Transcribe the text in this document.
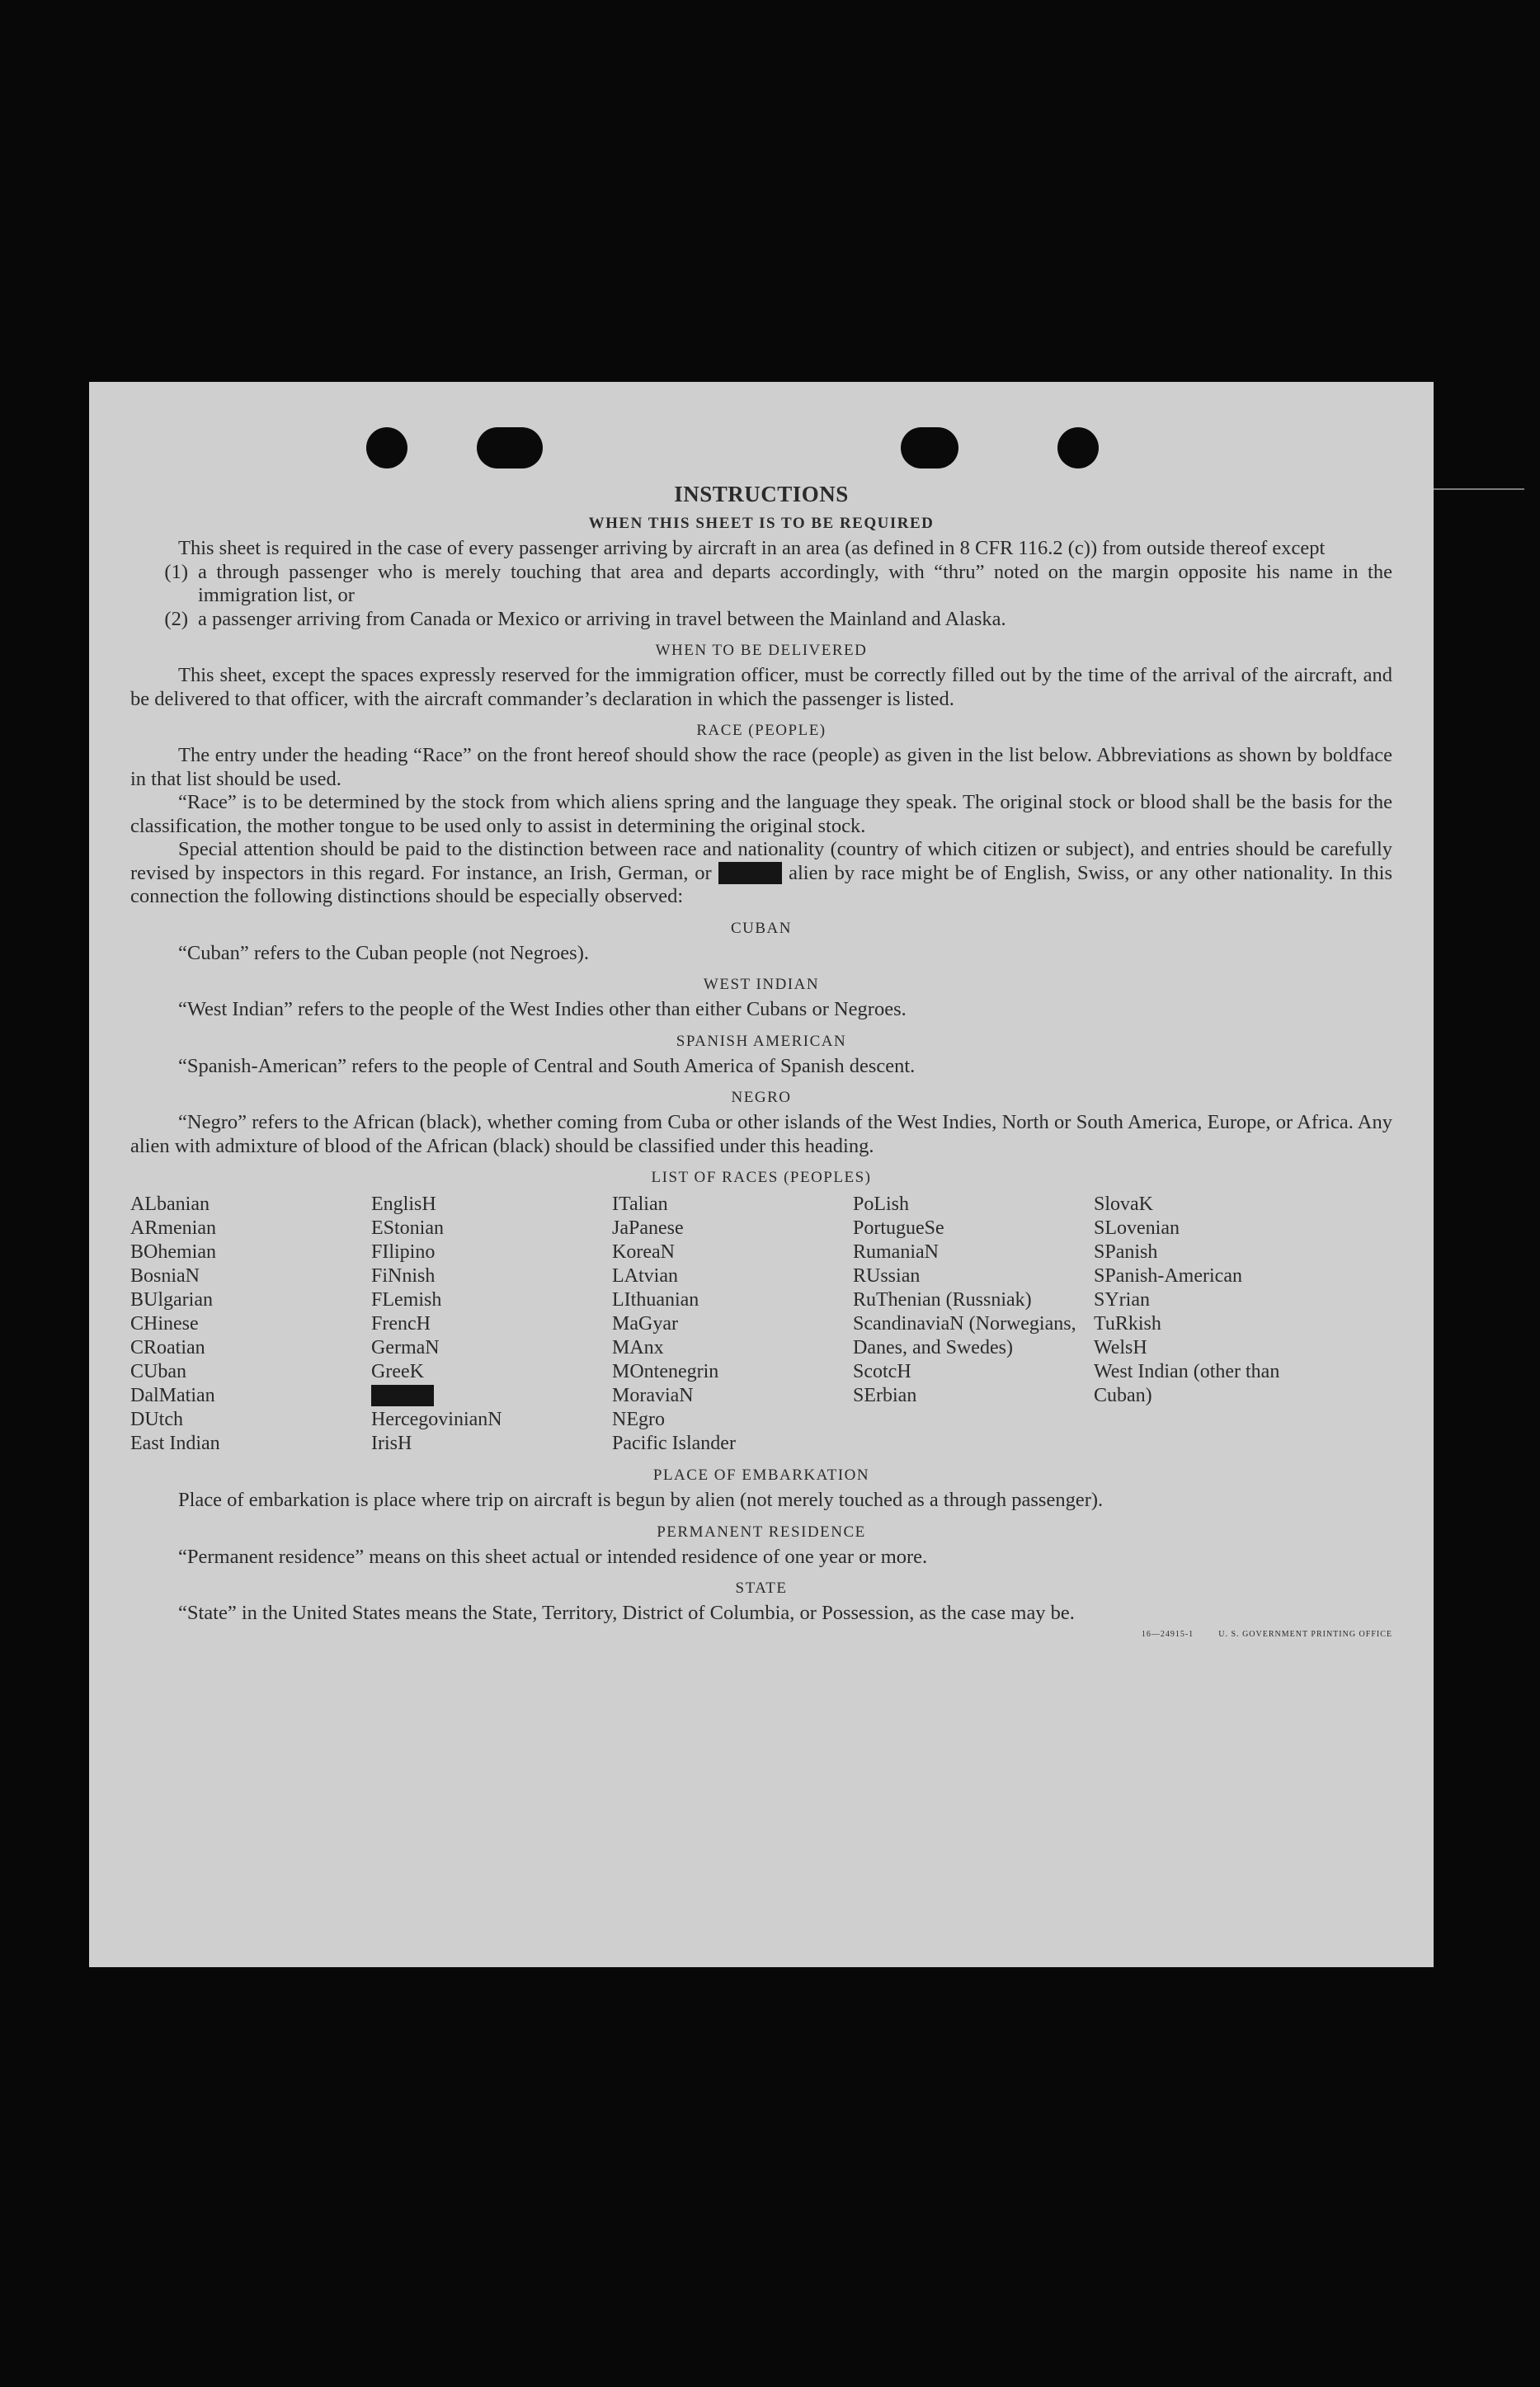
INSTRUCTIONS
WHEN THIS SHEET IS TO BE REQUIRED

This sheet is required in the case of every passenger arriving by aircraft in an area (as defined in 8 CFR 116.2 (c)) from outside thereof except

(1) a through passenger who is merely touching that area and departs accordingly, with “thru” noted on the margin opposite his name in the immigration list, or
(2) a passenger arriving from Canada or Mexico or arriving in travel between the Mainland and Alaska.
WHEN TO BE DELIVERED

This sheet, except the spaces expressly reserved for the immigration officer, must be correctly filled out by the time of the arrival of the aircraft, and be delivered to that officer, with the aircraft commander’s declaration in which the passenger is listed.

RACE (PEOPLE)

The entry under the heading “Race” on the front hereof should show the race (people) as given in the list below. Abbreviations as shown by boldface in that list should be used.

“Race” is to be determined by the stock from which aliens spring and the language they speak. The original stock or blood shall be the basis for the classification, the mother tongue to be used only to assist in determining the original stock.

Special attention should be paid to the distinction between race and nationality (country of which citizen or subject), and entries should be carefully revised by inspectors in this regard. For instance, an Irish, German, or Hebrew alien by race might be of English, Swiss, or any other nationality. In this connection the following distinctions should be especially observed:

CUBAN

“Cuban” refers to the Cuban people (not Negroes).

WEST INDIAN

“West Indian” refers to the people of the West Indies other than either Cubans or Negroes.

SPANISH AMERICAN

“Spanish-American” refers to the people of Central and South America of Spanish descent.

NEGRO

“Negro” refers to the African (black), whether coming from Cuba or other islands of the West Indies, North or South America, Europe, or Africa. Any alien with admixture of blood of the African (black) should be classified under this heading.

LIST OF RACES (PEOPLES)
ALbanian
ARmenian
BOhemian
BosniaN
BUlgarian
CHinese
CRoatian
CUban
DalMatian
DUtch
East Indian
EnglisH
EStonian
FIlipino
FiNnish
FLemish
FrencH
GermaN
GreeK
Hebrew
HercegovinianN
IrisH
ITalian
JaPanese
KoreaN
LAtvian
LIthuanian
MaGyar
MAnx
MOntenegrin
MoraviaN
NEgro
Pacific Islander
PoLish
PortugueSe
RumaniaN
RUssian
RuThenian (Russniak)
ScandinaviaN (Norwegians, Danes, and Swedes)
ScotcH
SErbian
SlovaK
SLovenian
SPanish
SPanish-American
SYrian
TuRkish
WelsH
West Indian (other than Cuban)
PLACE OF EMBARKATION

Place of embarkation is place where trip on aircraft is begun by alien (not merely touched as a through passenger).

PERMANENT RESIDENCE

“Permanent residence” means on this sheet actual or intended residence of one year or more.

STATE

“State” in the United States means the State, Territory, District of Columbia, or Possession, as the case may be.

16—24915-1	U. S. GOVERNMENT PRINTING OFFICE
